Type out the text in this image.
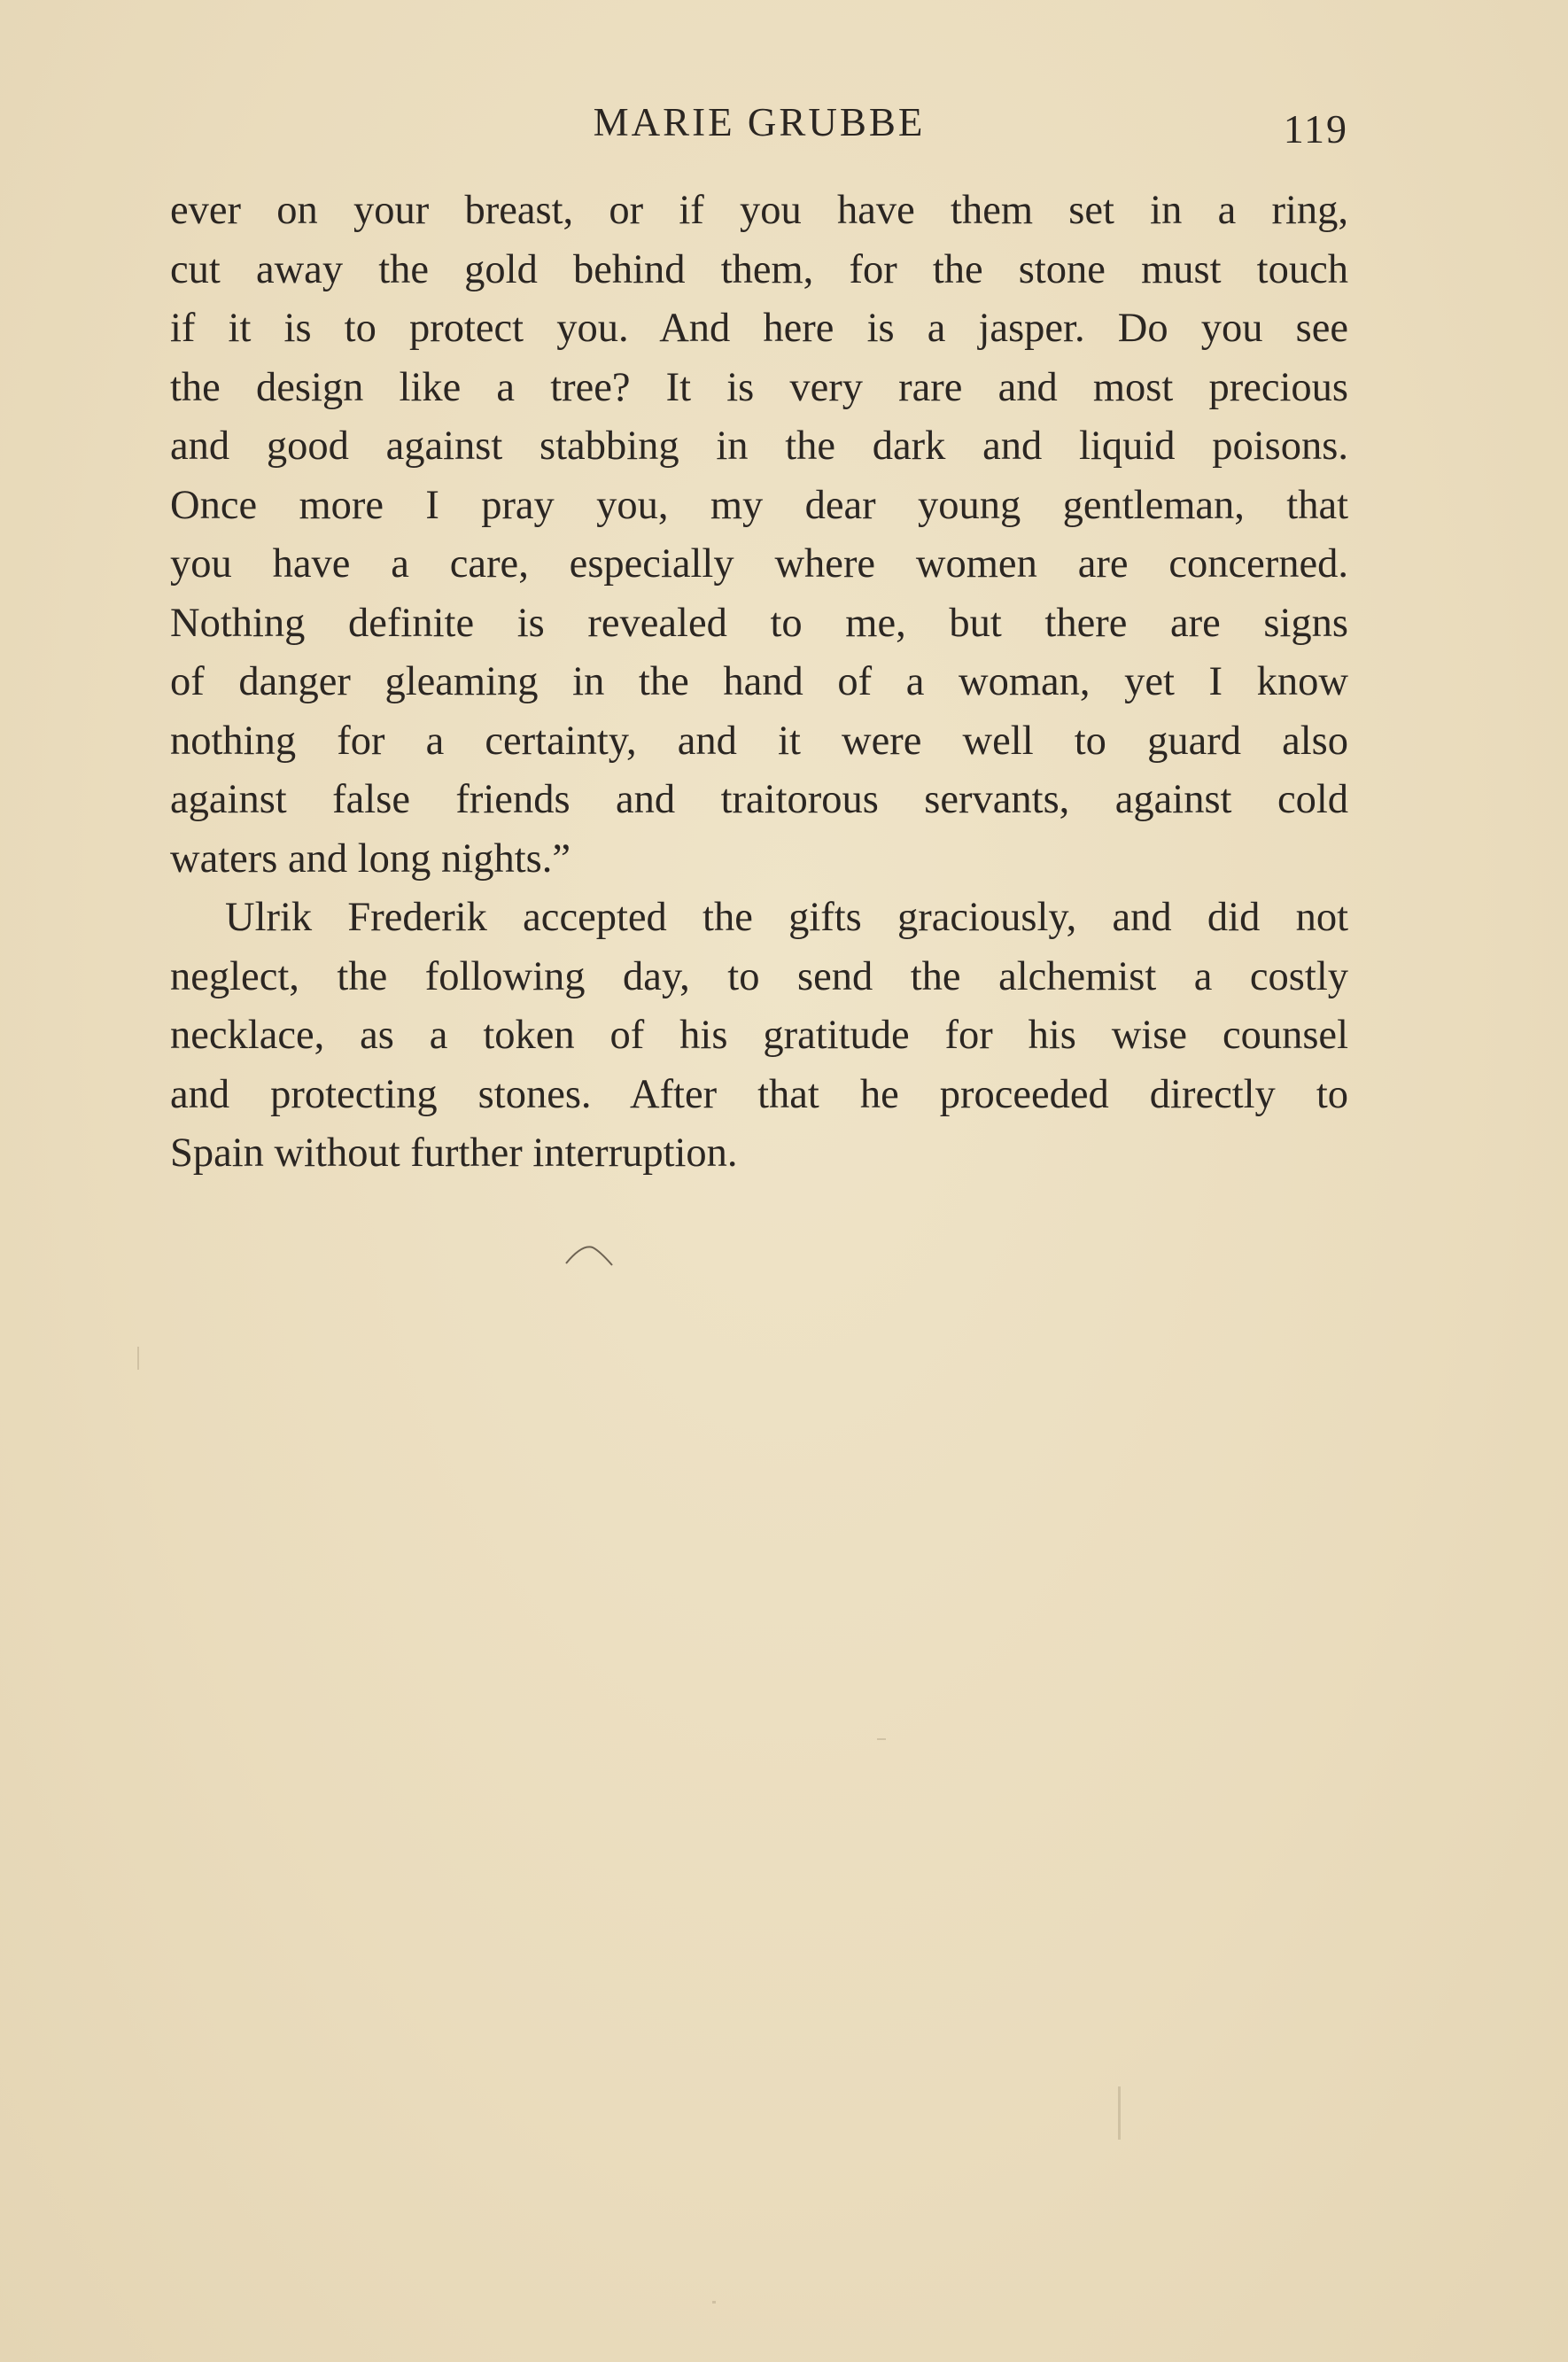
MARIE GRUBBE	119
ever on your breast, or if you have them set in a ring,
cut away the gold behind them, for the stone must touch
if it is to protect you. And here is a jasper. Do you see
the design like a tree? It is very rare and most precious
and good against stabbing in the dark and liquid poisons.
Once more I pray you, my dear young gentleman, that
you have a care, especially where women are concerned.
Nothing definite is revealed to me, but there are signs
of danger gleaming in the hand of a woman, yet I know
nothing for a certainty, and it were well to guard also
against false friends and traitorous servants, against cold
waters and long nights.”
Ulrik Frederik accepted the gifts graciously, and did not
neglect, the following day, to send the alchemist a costly
necklace, as a token of his gratitude for his wise counsel
and protecting stones. After that he proceeded directly to
Spain without further interruption.
